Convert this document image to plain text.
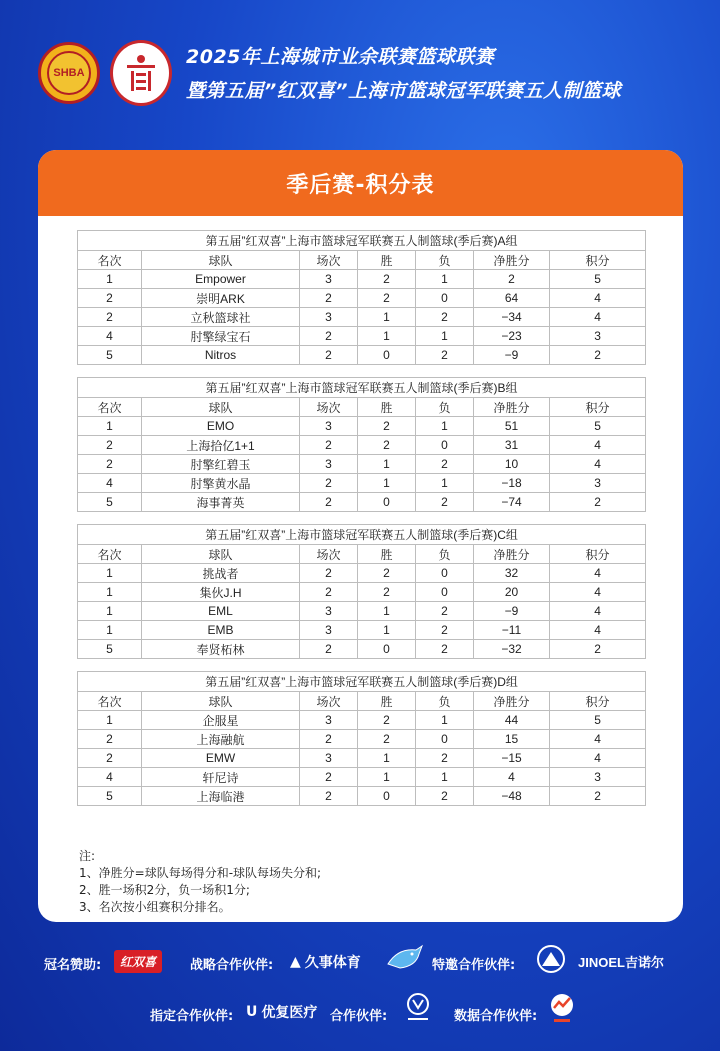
SHBA
2025年上海城市业余联赛篮球联赛
暨第五届”红双喜”上海市篮球冠军联赛五人制篮球
季后赛-积分表
第五届”红双喜”上海市篮球冠军联赛五人制篮球(季后赛)A组						
名次	球队	场次	胜	负	净胜分	积分
1	Empower	3	2	1	2	5
2	崇明ARK	2	2	0	64	4
2	立秋篮球社	3	1	2	−34	4
4	肘擎绿宝石	2	1	1	−23	3
5	Nitros	2	0	2	−9	2
第五届”红双喜”上海市篮球冠军联赛五人制篮球(季后赛)B组						
名次	球队	场次	胜	负	净胜分	积分
1	EMO	3	2	1	51	5
2	上海拾亿1+1	2	2	0	31	4
2	肘擎红碧玉	3	1	2	10	4
4	肘擎黄水晶	2	1	1	−18	3
5	海事菁英	2	0	2	−74	2
第五届”红双喜”上海市篮球冠军联赛五人制篮球(季后赛)C组						
名次	球队	场次	胜	负	净胜分	积分
1	挑战者	2	2	0	32	4
1	集伙J.H	2	2	0	20	4
1	EML	3	1	2	−9	4
1	EMB	3	1	2	−11	4
5	奉贤柘林	2	0	2	−32	2
第五届”红双喜”上海市篮球冠军联赛五人制篮球(季后赛)D组						
名次	球队	场次	胜	负	净胜分	积分
1	企服星	3	2	1	44	5
2	上海融航	2	2	0	15	4
2	EMW	3	1	2	−15	4
4	轩尼诗	2	1	1	4	3
5	上海临港	2	0	2	−48	2
注:
1、净胜分=球队每场得分和-球队每场失分和;
2、胜一场积2分，负一场积1分;
3、名次按小组赛积分排名。
冠名赞助:	红双喜	战略合作伙伴: ▲ 久事体育	特邀合作伙伴:	JINOEL吉诺尔
指定合作伙伴: U 优复医疗 合作伙伴:	数据合作伙伴:
